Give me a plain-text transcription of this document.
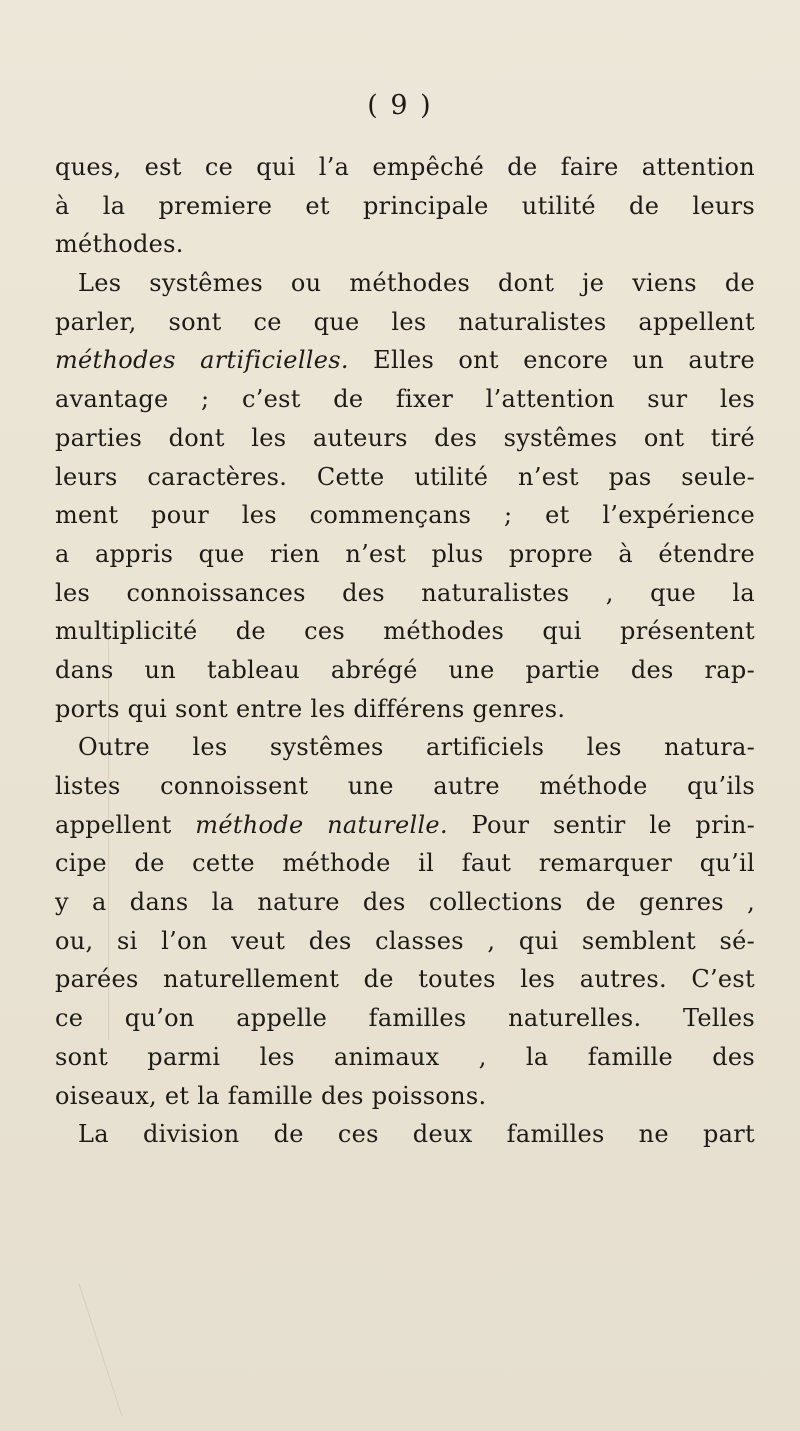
( 9 )
ques, est ce qui l’a empêché de faire attention
à la premiere et principale utilité de leurs
méthodes.
Les systêmes ou méthodes dont je viens de
parler, sont ce que les naturalistes appellent
méthodes artificielles. Elles ont encore un autre
avantage ; c’est de fixer l’attention sur les
parties dont les auteurs des systêmes ont tiré
leurs caractères. Cette utilité n’est pas seule-
ment pour les commençans ; et l’expérience
a appris que rien n’est plus propre à étendre
les connoissances des naturalistes , que la
multiplicité de ces méthodes qui présentent
dans un tableau abrégé une partie des rap-
ports qui sont entre les différens genres.
Outre les systêmes artificiels les natura-
listes connoissent une autre méthode qu’ils
appellent méthode naturelle. Pour sentir le prin-
cipe de cette méthode il faut remarquer qu’il
y a dans la nature des collections de genres ,
ou, si l’on veut des classes , qui semblent sé-
parées naturellement de toutes les autres. C’est
ce qu’on appelle familles naturelles. Telles
sont parmi les animaux , la famille des
oiseaux, et la famille des poissons.
La division de ces deux familles ne part
